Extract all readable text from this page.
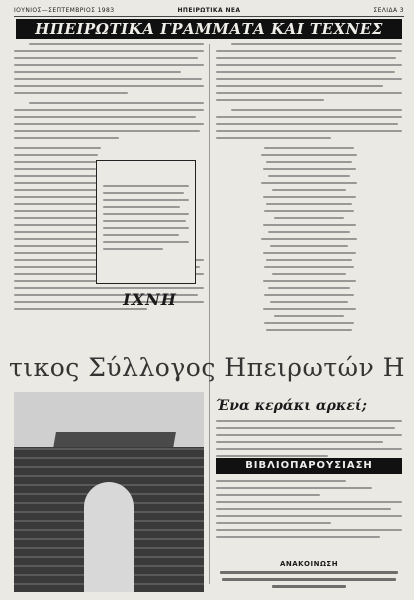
ΙΟΥΝΙΟΣ—ΣΕΠΤΕΜΒΡΙΟΣ 1983	ΗΠΕΙΡΩΤΙΚΑ ΝΕΑ	ΣΕΛΙΔΑ 3
ΗΠΕΙΡΩΤΙΚΑ ΓΡΑΜΜΑΤΑ ΚΑΙ ΤΕΧΝΕΣ

ΙΧΝΗ
τικος Σύλλογος Ηπειρωτών Η
Ένα κεράκι αρκεί;
ΒΙΒΛΙΟΠΑΡΟΥΣΙΑΣΗ
ΑΝΑΚΟΙΝΩΣΗ
